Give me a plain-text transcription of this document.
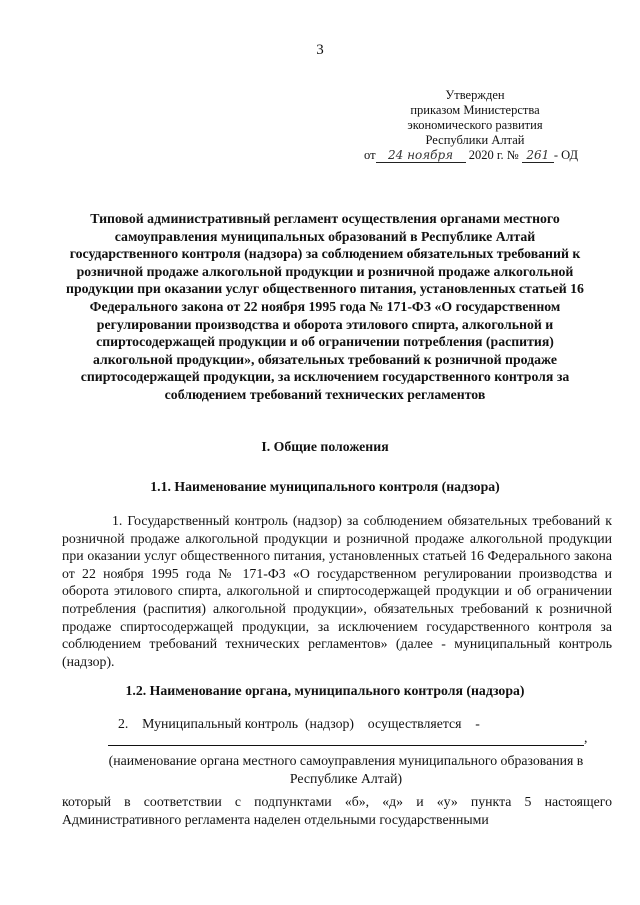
3
Утвержден
приказом Министерства
экономического развития
Республики Алтай
от 24 ноября 2020 г. № 261 - ОД
Типовой административный регламент осуществления органами местного самоуправления муниципальных образований в Республике Алтай государственного контроля (надзора) за соблюдением обязательных требований к розничной продаже алкогольной продукции и розничной продаже алкогольной продукции при оказании услуг общественного питания, установленных статьей 16 Федерального закона от 22 ноября 1995 года № 171-ФЗ «О государственном регулировании производства и оборота этилового спирта, алкогольной и спиртосодержащей продукции и об ограничении потребления (распития) алкогольной продукции», обязательных требований к розничной продаже спиртосодержащей продукции, за исключением государственного контроля за соблюдением требований технических регламентов
I. Общие положения
1.1. Наименование муниципального контроля (надзора)
1. Государственный контроль (надзор) за соблюдением обязательных требований к розничной продаже алкогольной продукции и розничной продаже алкогольной продукции при оказании услуг общественного питания, установленных статьей 16 Федерального закона от 22 ноября 1995 года № 171-ФЗ «О государственном регулировании производства и оборота этилового спирта, алкогольной и спиртосодержащей продукции и об ограничении потребления (распития) алкогольной продукции», обязательных требований к розничной продаже спиртосодержащей продукции, за исключением государственного контроля за соблюдением требований технических регламентов» (далее - муниципальный контроль (надзор).
1.2. Наименование органа, муниципального контроля (надзора)
2.    Муниципальный контроль  (надзор)    осуществляется    -
,
(наименование органа местного самоуправления муниципального образования в Республике Алтай)
который в соответствии с подпунктами «б», «д» и «у» пункта 5 настоящего Административного регламента наделен отдельными государственными
